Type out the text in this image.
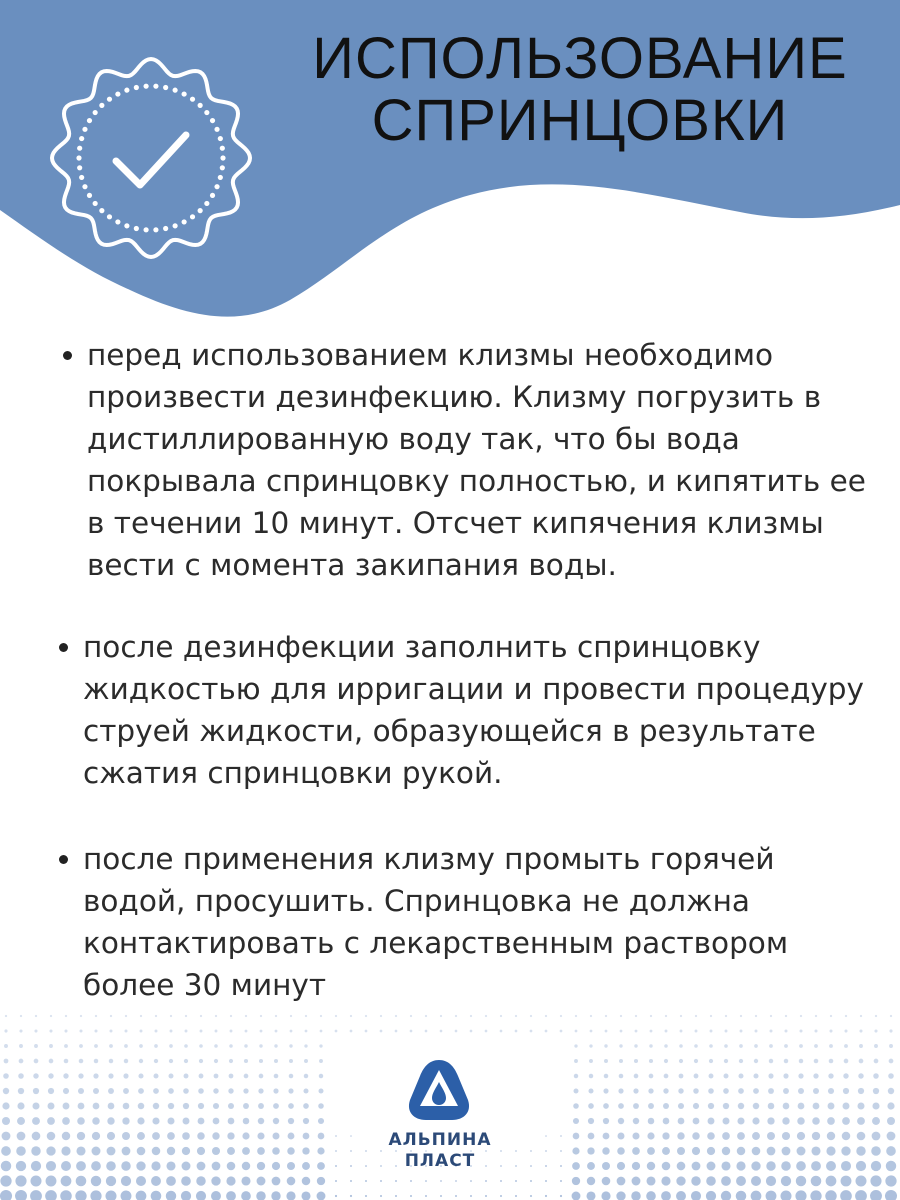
ИСПОЛЬЗОВАНИЕ
СПРИНЦОВКИ
перед использованием клизмы необходимо произвести дезинфекцию. Клизму погрузить в дистиллированную воду так, что бы вода покрывала спринцовку полностью, и кипятить ее в течении 10 минут. Отсчет кипячения клизмы вести с момента закипания воды.
после дезинфекции заполнить спринцовку жидкостью для ирригации и провести процедуру струей жидкости, образующейся в результате сжатия спринцовки рукой.
после применения клизму промыть горячей водой, просушить. Спринцовка не должна контактировать с лекарственным раствором более 30 минут
АЛЬПИНА
ПЛАСТ
